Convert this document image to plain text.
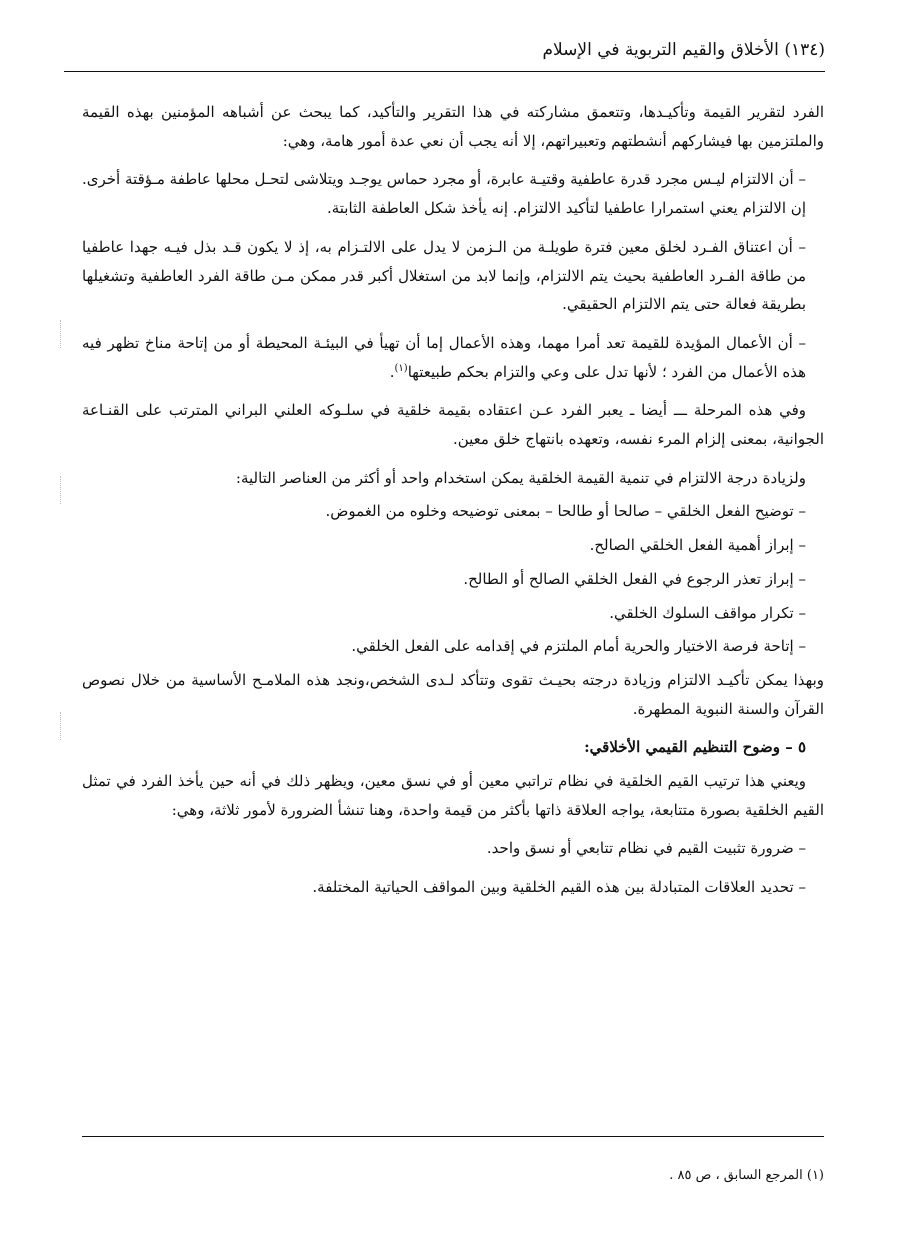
(١٣٤) الأخلاق والقيم التربوية في الإسلام

الفرد لتقرير القيمة وتأكيـدها، وتتعمق مشاركته في هذا التقرير والتأكيد، كما يبحث عن أشباهه المؤمنين بهذه القيمة والملتزمين بها فيشاركهم أنشطتهم وتعبيراتهم، إلا أنه يجب أن نعي عدة أمور هامة، وهي:

– أن الالتزام ليـس مجرد قدرة عاطفية وقتيـة عابرة، أو مجرد حماس يوجـد ويتلاشى لتحـل محلها عاطفة مـؤقتة أخرى. إن الالتزام يعني استمرارا عاطفيا لتأكيد الالتزام. إنه يأخذ شكل العاطفة الثابتة.

– أن اعتناق الفـرد لخلق معين فترة طويلـة من الـزمن لا يدل على الالتـزام به، إذ لا يكون قـد بذل فيـه جهدا عاطفيا من طاقة الفـرد العاطفية بحيث يتم الالتزام، وإنما لابد من استغلال أكبر قدر ممكن مـن طاقة الفرد العاطفية وتشغيلها بطريقة فعالة حتى يتم الالتزام الحقيقي.

– أن الأعمال المؤيدة للقيمة تعد أمرا مهما، وهذه الأعمال إما أن تهيأ في البيئـة المحيطة أو من إتاحة مناخ تظهر فيه هذه الأعمال من الفرد ؛ لأنها تدل على وعي والتزام بحكم طبيعتها$^{(١)}$.

وفي هذه المرحلة ـــ أيضا ـ يعبر الفرد عـن اعتقاده بقيمة خلقية في سلـوكه العلني البراني المترتب على القنـاعة الجوانية، بمعنى إلزام المرء نفسه، وتعهده بانتهاج خلق معين.

ولزيادة درجة الالتزام في تنمية القيمة الخلقية يمكن استخدام واحد أو أكثر من العناصر التالية:

– توضيح الفعل الخلقي – صالحا أو طالحا – بمعنى توضيحه وخلوه من الغموض.

– إبراز أهمية الفعل الخلقي الصالح.

– إبراز تعذر الرجوع في الفعل الخلقي الصالح أو الطالح.

– تكرار مواقف السلوك الخلقي.

– إتاحة فرصة الاختيار والحرية أمام الملتزم في إقدامه على الفعل الخلقي.

وبهذا يمكن تأكيـد الالتزام وزيادة درجته بحيـث تقوى وتتأكد لـدى الشخص،ونجد هذه الملامـح الأساسية من خلال نصوص القرآن والسنة النبوية المطهرة.

٥ – وضوح التنظيم القيمي الأخلاقي:

ويعني هذا ترتيب القيم الخلقية في نظام تراتبي معين أو في نسق معين، ويظهر ذلك في أنه حين يأخذ الفرد في تمثل القيم الخلقية بصورة متتابعة، يواجه العلاقة ذاتها بأكثر من قيمة واحدة، وهنا تنشأ الضرورة لأمور ثلاثة، وهي:

– ضرورة تثبيت القيم في نظام تتابعي أو نسق واحد.

– تحديد العلاقات المتبادلة بين هذه القيم الخلقية وبين المواقف الحياتية المختلفة.

(١) المرجع السابق ، ص ٨٥ .
